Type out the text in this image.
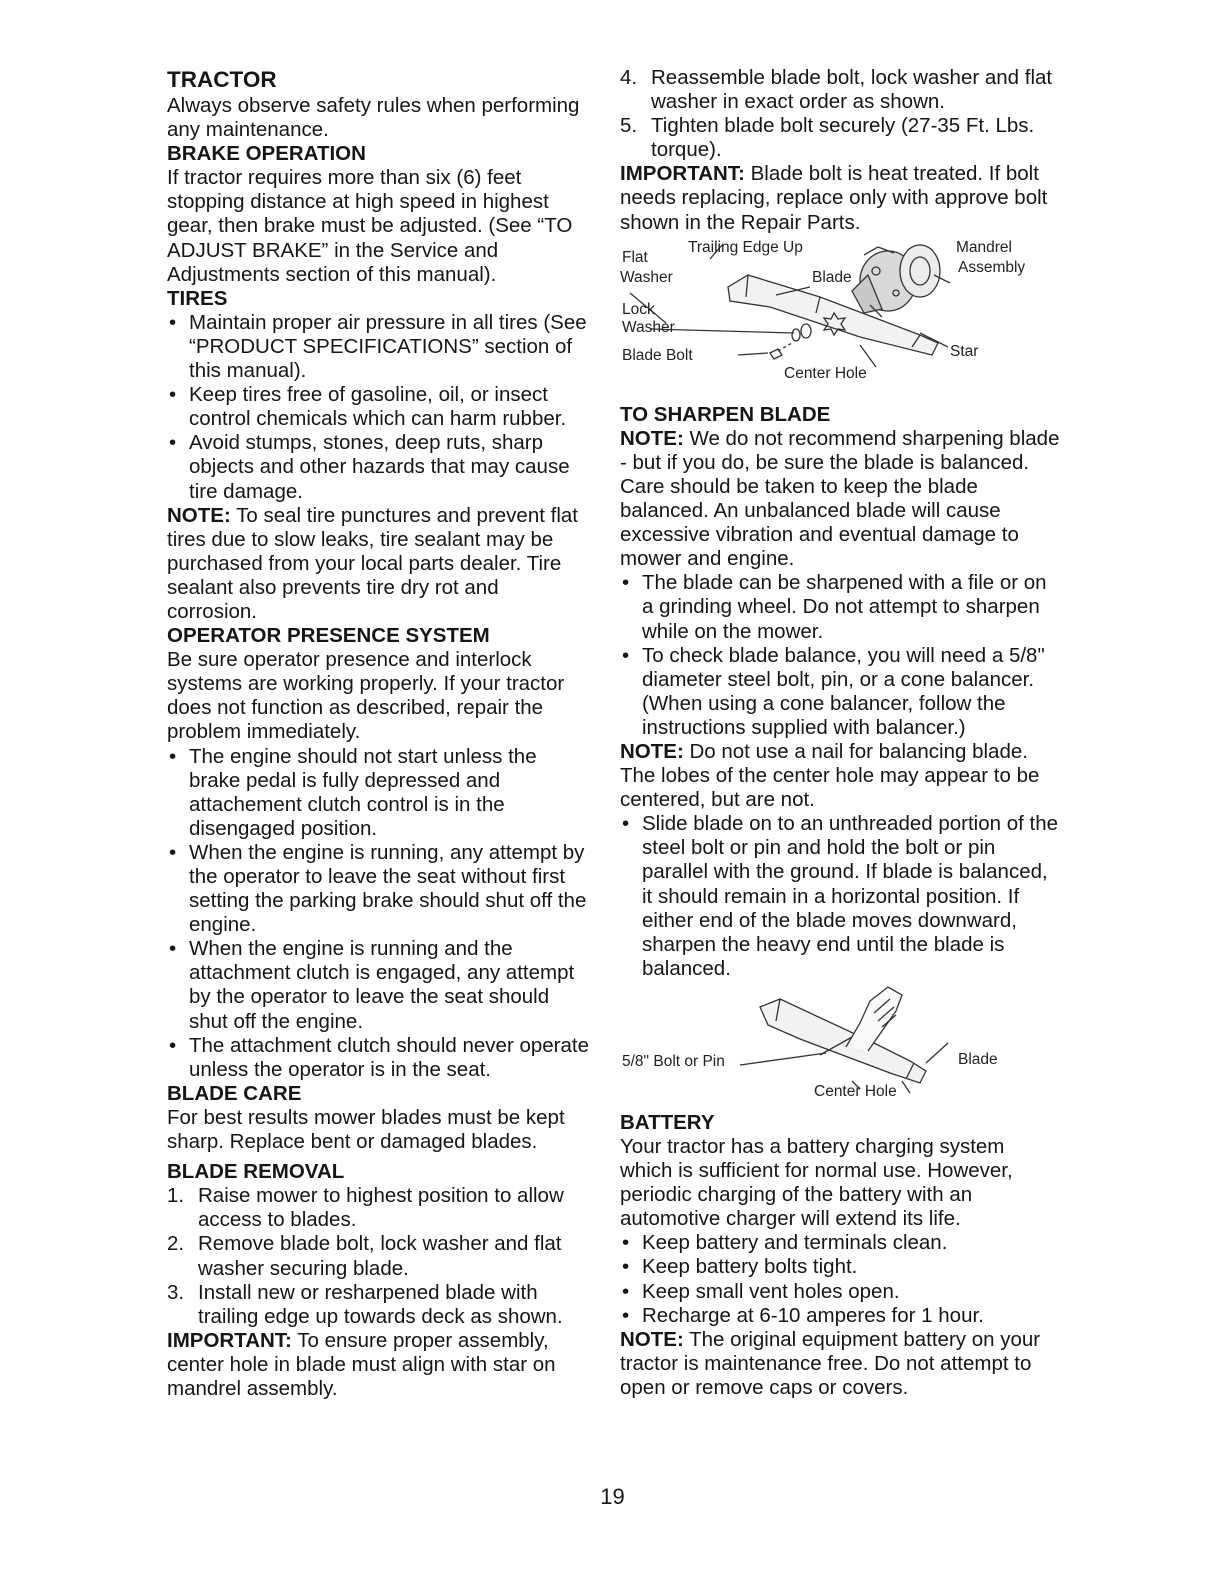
TRACTOR

Always observe safety rules when performing any maintenance.

BRAKE OPERATION

If tractor requires more than six (6) feet stopping distance at high speed in highest gear, then brake must be adjusted. (See “TO ADJUST BRAKE” in the Service and Adjustments section of this manual).

TIRES
• Maintain proper air pressure in all tires (See “PRODUCT SPECIFICATIONS” section of this manual).
• Keep tires free of gasoline, oil, or insect control chemicals which can harm rubber.
• Avoid stumps, stones, deep ruts, sharp objects and other hazards that may cause tire damage.

NOTE: To seal tire punctures and prevent flat tires due to slow leaks, tire sealant may be purchased from your local parts dealer. Tire sealant also prevents tire dry rot and corrosion.

OPERATOR PRESENCE SYSTEM

Be sure operator presence and interlock systems are working properly. If your tractor does not function as described, repair the problem immediately.

• The engine should not start unless the brake pedal is fully depressed and attachement clutch control is in the disengaged position.
• When the engine is running, any attempt by the operator to leave the seat without first setting the parking brake should shut off the engine.
• When the engine is running and the attachment clutch is engaged, any attempt by the operator to leave the seat should shut off the engine.
• The attachment clutch should never operate unless the operator is in the seat.
BLADE CARE

For best results mower blades must be kept sharp. Replace bent or damaged blades.

BLADE REMOVAL
1. Raise mower to highest position to allow access to blades.
2. Remove blade bolt, lock washer and flat washer securing blade.
3. Install new or resharpened blade with trailing edge up towards deck as shown.

IMPORTANT: To ensure proper assembly, center hole in blade must align with star on mandrel assembly.

4. Reassemble blade bolt, lock washer and flat washer in exact order as shown.
5. Tighten blade bolt securely (27-35 Ft. Lbs. torque).

IMPORTANT: Blade bolt is heat treated. If bolt needs replacing, replace only with approve bolt shown in the Repair Parts.

Trailing Edge Up	Mandrel
Assembly
Flat
Washer	Blade
Lock
Washer
Blade Bolt	Star
Center Hole
TO SHARPEN BLADE

NOTE: We do not recommend sharpening blade - but if you do, be sure the blade is balanced.

Care should be taken to keep the blade balanced. An unbalanced blade will cause excessive vibration and eventual damage to mower and engine.

• The blade can be sharpened with a file or on a grinding wheel. Do not attempt to sharpen while on the mower.
• To check blade balance, you will need a 5/8" diameter steel bolt, pin, or a cone balancer. (When using a cone balancer, follow the instructions supplied with balancer.)

NOTE: Do not use a nail for balancing blade. The lobes of the center hole may appear to be centered, but are not.

• Slide blade on to an unthreaded portion of the steel bolt or pin and hold the bolt or pin parallel with the ground. If blade is balanced, it should remain in a horizontal position. If either end of the blade moves downward, sharpen the heavy end until the blade is balanced.
5/8" Bolt or Pin	Blade
Center Hole
BATTERY

Your tractor has a battery charging system which is sufficient for normal use. However, periodic charging of the battery with an automotive charger will extend its life.

• Keep battery and terminals clean.
• Keep battery bolts tight.
• Keep small vent holes open.
• Recharge at 6-10 amperes for 1 hour.

NOTE: The original equipment battery on your tractor is maintenance free. Do not attempt to open or remove caps or covers.

19
